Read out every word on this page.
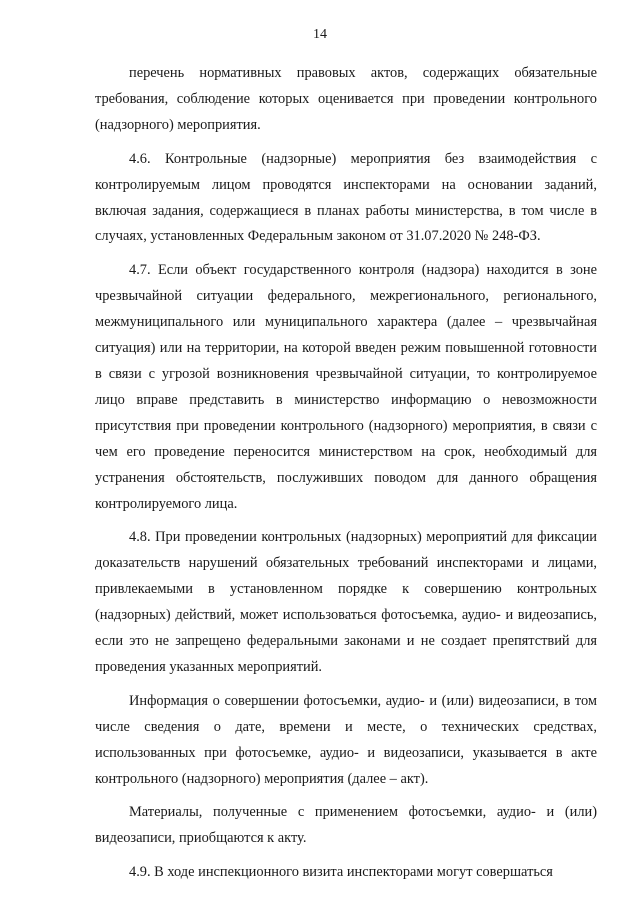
14

перечень нормативных правовых актов, содержащих обязательные требования, соблюдение которых оценивается при проведении контрольного (надзорного) мероприятия.

4.6. Контрольные (надзорные) мероприятия без взаимодействия с контролируемым лицом проводятся инспекторами на основании заданий, включая задания, содержащиеся в планах работы министерства, в том числе в случаях, установленных Федеральным законом от 31.07.2020 № 248-ФЗ.

4.7. Если объект государственного контроля (надзора) находится в зоне чрезвычайной ситуации федерального, межрегионального, регионального, межмуниципального или муниципального характера (далее – чрезвычайная ситуация) или на территории, на которой введен режим повышенной готовности в связи с угрозой возникновения чрезвычайной ситуации, то контролируемое лицо вправе представить в министерство информацию о невозможности присутствия при проведении контрольного (надзорного) мероприятия, в связи с чем его проведение переносится министерством на срок, необходимый для устранения обстоятельств, послуживших поводом для данного обращения контролируемого лица.

4.8. При проведении контрольных (надзорных) мероприятий для фиксации доказательств нарушений обязательных требований инспекторами и лицами, привлекаемыми в установленном порядке к совершению контрольных (надзорных) действий, может использоваться фотосъемка, аудио- и видеозапись, если это не запрещено федеральными законами и не создает препятствий для проведения указанных мероприятий.

Информация о совершении фотосъемки, аудио- и (или) видеозаписи, в том числе сведения о дате, времени и месте, о технических средствах, использованных при фотосъемке, аудио- и видеозаписи, указывается в акте контрольного (надзорного) мероприятия (далее – акт).

Материалы, полученные с применением фотосъемки, аудио- и (или) видеозаписи, приобщаются к акту.

4.9. В ходе инспекционного визита инспекторами могут совершаться
